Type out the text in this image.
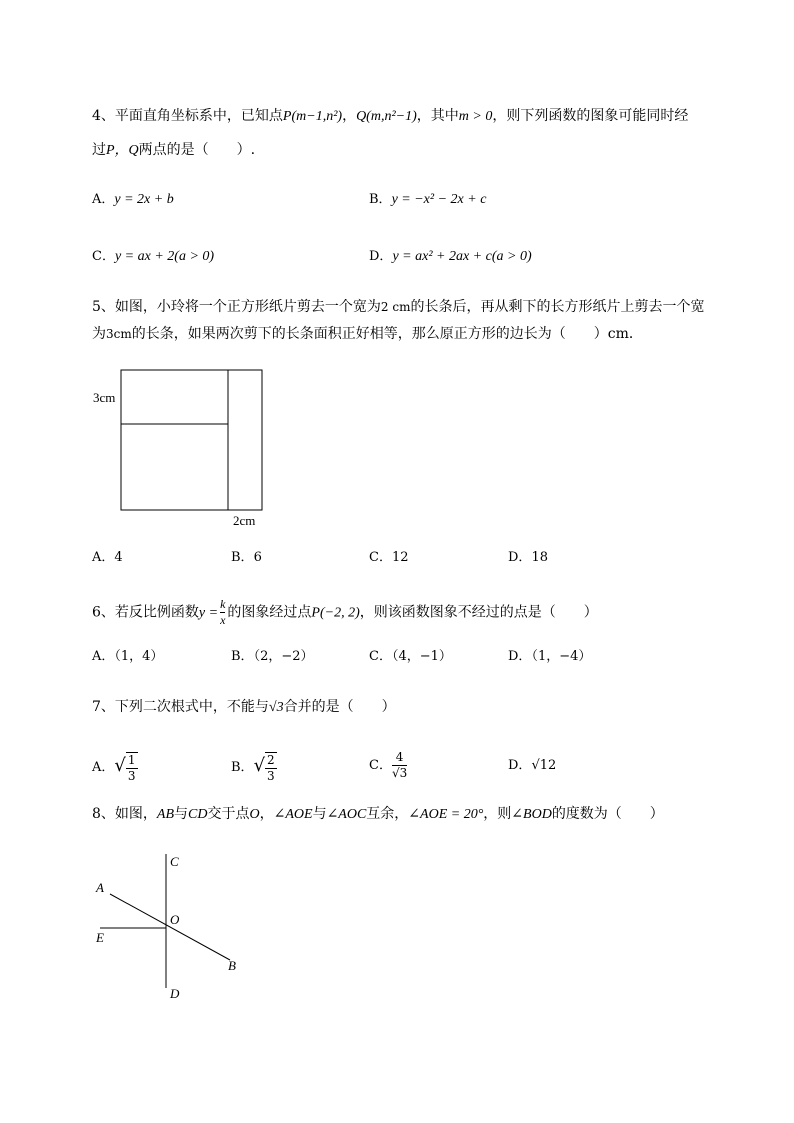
4、平面直角坐标系中，已知点P(m−1,n²)，Q(m,n²−1)，其中m > 0，则下列函数的图象可能同时经
过P，Q两点的是（　　）.
A．y = 2x + b	B．y = −x² − 2x + c
C．y = ax + 2(a > 0)	D．y = ax² + 2ax + c(a > 0)
5、如图，小玲将一个正方形纸片剪去一个宽为2 cm的长条后，再从剩下的长方形纸片上剪去一个宽
为3cm的长条，如果两次剪下的长条面积正好相等，那么原正方形的边长为（　　）cm．
3cm
2cm
A．4	B．6	C．12	D．18
6、若反比例函数$y = \frac{k}{x}$ 的图象经过点P(−2, 2)，则该函数图象不经过的点是（　　）
A．（1，4）	B．（2，−2）	C．（4，−1）	D．（1，−4）
7、下列二次根式中，不能与√3合并的是（　　）
A．√ $\frac{1}{3}$	B．√ $\frac{2}{3}$	C． $\frac{4}{√3}$	D．√12
8、如图，AB与CD交于点O，∠AOE与∠AOC互余，∠AOE = 20°，则∠BOD的度数为（　　）
C
A
O
E
B
D
